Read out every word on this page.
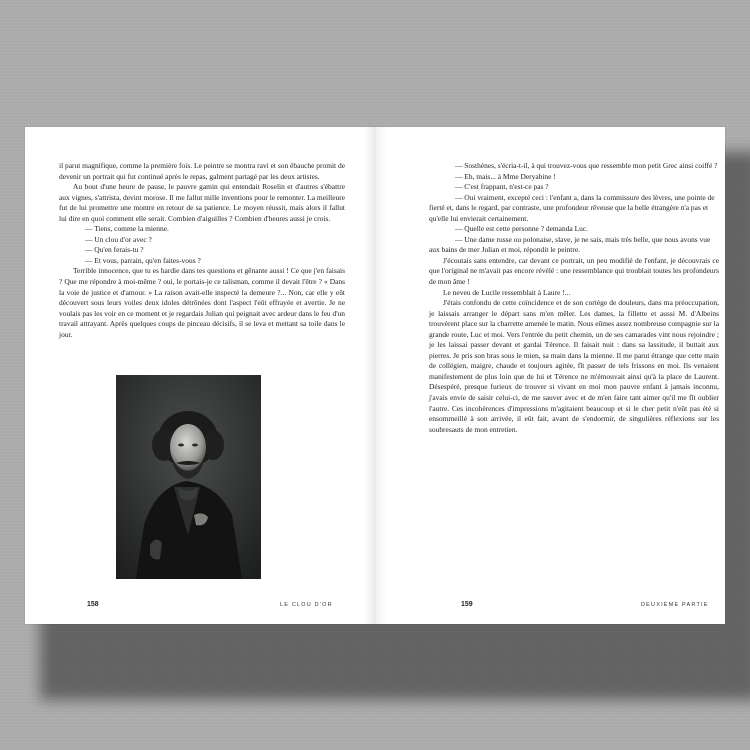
il parut magnifique, comme la première fois. Le peintre se montra ravi et son ébauche promit de devenir un portrait qui fut continué après le repas, galment partagé par les deux artistes.

Au bout d'une heure de pause, le pauvre gamin qui entendait Roselin et d'autres s'ébattre aux vignes, s'attrista, devint morose. Il me fallut mille inventions pour le remonter. La meilleure fut de lui promettre une montre en retour de sa patience. Le moyen réussit, mais alors il fallut lui dire en quoi comment elle serait. Combien d'aiguilles ? Combien d'heures aussi je crois.

— Tiens, comme la mienne.

— Un clou d'or avec ?

— Qu'en ferais-tu ?

— Et vous, parrain, qu'en faites-vous ?

Terrible innocence, que tu es hardie dans tes questions et gênante aussi ! Ce que j'en faisais ? Que me répondre à moi-même ? oui, le portais-je ce talisman, comme il devait l'être ? « Dans la voie de justice et d'amour. » La raison avait-elle inspecté la demeure ?... Non, car elle y eût découvert sous leurs voiles deux idoles détrônées dont l'aspect l'eût effrayée et avertie. Je ne voulais pas les voir en ce moment et je regardais Julian qui peignait avec ardeur dans le feu d'un travail attrayant. Après quelques coups de pinceau décisifs, il se leva et mettant sa toile dans le jour.

158	LE CLOU D'OR

— Sosthènes, s'écria-t-il, à qui trouvez-vous que ressemble mon petit Grec ainsi coiffé ?

— Eh, mais... à Mme Deryabine !

— C'est frappant, n'est-ce pas ?

— Oui vraiment, excepté ceci : l'enfant a, dans la commissure des lèvres, une pointe de fierté et, dans le regard, par contraste, une profondeur rêveuse que la belle étrangère n'a pas et qu'elle lui envierait certainement.

— Quelle est cette personne ? demanda Luc.

— Une dame russe ou polonaise, slave, je ne sais, mais très belle, que nous avons vue aux bains de mer Julian et moi, répondit le peintre.

J'écoutais sans entendre, car devant ce portrait, un peu modifié de l'enfant, je découvrais ce que l'original ne m'avait pas encore révélé : une ressemblance qui troublait toutes les profondeurs de mon âme !

Le neveu de Lucile ressemblait à Laure !...

J'étais confondu de cette coïncidence et de son cortège de douleurs, dans ma préoccupation, je laissais arranger le départ sans m'en mêler. Les dames, la fillette et aussi M. d'Albeins trouvèrent place sur la charrette amenée le matin. Nous eûmes assez nombreuse compagnie sur la grande route, Luc et moi. Vers l'entrée du petit chemin, un de ses camarades vint nous rejoindre ; je les laissai passer devant et gardai Térence. Il faisait nuit : dans sa lassitude, il buttait aux pierres. Je pris son bras sous le mien, sa main dans la mienne. Il me parut étrange que cette main de collégien, maigre, chaude et toujours agitée, fît passer de tels frissons en moi. Ils venaient manifestement de plus loin que de lui et Térence ne m'émouvait ainsi qu'à la place de Laurent. Désespéré, presque furieux de trouver si vivant en moi mon pauvre enfant à jamais inconnu, j'avais envie de saisir celui-ci, de me sauver avec et de m'en faire tant aimer qu'il me fît oublier l'autre. Ces incohérences d'impressions m'agitaient beaucoup et si le cher petit n'eût pas été si ensommeillé à son arrivée, il eût fait, avant de s'endormir, de singulières réflexions sur les soubresauts de mon entretien.

159	DEUXIÈME PARTIE
